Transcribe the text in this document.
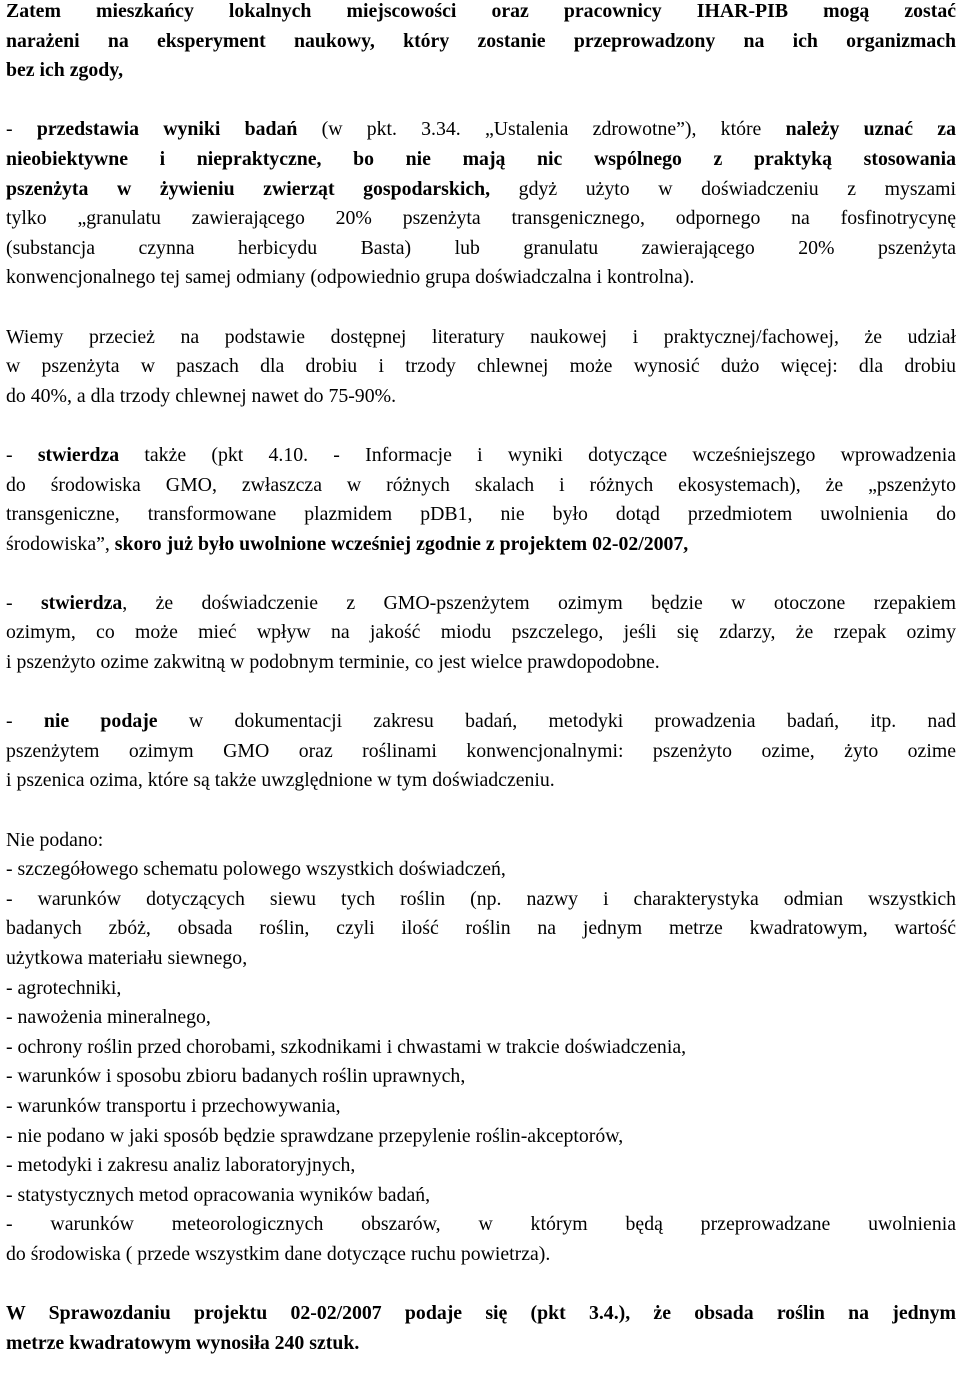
Zatem mieszkańcy lokalnych miejscowości oraz pracownicy IHAR-PIB mogą zostać
narażeni na eksperyment naukowy, który zostanie przeprowadzony na ich organizmach
bez ich zgody,
- przedstawia wyniki badań (w pkt. 3.34. „Ustalenia zdrowotne”), które należy uznać za
nieobiektywne i niepraktyczne, bo nie mają nic wspólnego z praktyką stosowania
pszenżyta w żywieniu zwierząt gospodarskich, gdyż użyto w doświadczeniu z myszami
tylko „granulatu zawierającego 20% pszenżyta transgenicznego, odpornego na fosfinotrycynę
(substancja czynna herbicydu Basta) lub granulatu zawierającego 20% pszenżyta
konwencjonalnego tej samej odmiany (odpowiednio grupa doświadczalna i kontrolna).
Wiemy przecież na podstawie dostępnej literatury naukowej i praktycznej/fachowej, że udział
w pszenżyta w paszach dla drobiu i trzody chlewnej może wynosić dużo więcej: dla drobiu
do 40%, a dla trzody chlewnej nawet do 75-90%.
- stwierdza także (pkt 4.10. - Informacje i wyniki dotyczące wcześniejszego wprowadzenia
do środowiska GMO, zwłaszcza w różnych skalach i różnych ekosystemach), że „pszenżyto
transgeniczne, transformowane plazmidem pDB1, nie było dotąd przedmiotem uwolnienia do
środowiska”, skoro już było uwolnione wcześniej zgodnie z projektem 02-02/2007,
- stwierdza, że doświadczenie z GMO-pszenżytem ozimym będzie w otoczone rzepakiem
ozimym, co może mieć wpływ na jakość miodu pszczelego, jeśli się zdarzy, że rzepak ozimy
i pszenżyto ozime zakwitną w podobnym terminie, co jest wielce prawdopodobne.
- nie podaje w dokumentacji zakresu badań, metodyki prowadzenia badań, itp. nad
pszenżytem ozimym GMO oraz roślinami konwencjonalnymi: pszenżyto ozime, żyto ozime
i pszenica ozima, które są także uwzględnione w tym doświadczeniu.
Nie podano:
- szczegółowego schematu polowego wszystkich doświadczeń,
- warunków dotyczących siewu tych roślin (np. nazwy i charakterystyka odmian wszystkich
badanych zbóż, obsada roślin, czyli ilość roślin na jednym metrze kwadratowym, wartość
użytkowa materiału siewnego,
- agrotechniki,
- nawożenia mineralnego,
- ochrony roślin przed chorobami, szkodnikami i chwastami w trakcie doświadczenia,
- warunków i sposobu zbioru badanych roślin uprawnych,
- warunków transportu i przechowywania,
- nie podano w jaki sposób będzie sprawdzane przepylenie roślin-akceptorów,
- metodyki i zakresu analiz laboratoryjnych,
- statystycznych metod opracowania wyników badań,
- warunków meteorologicznych obszarów, w którym będą przeprowadzane uwolnienia
do środowiska ( przede wszystkim dane dotyczące ruchu powietrza).
W Sprawozdaniu projektu 02-02/2007 podaje się (pkt 3.4.), że obsada roślin na jednym
metrze kwadratowym wynosiła 240 sztuk.
